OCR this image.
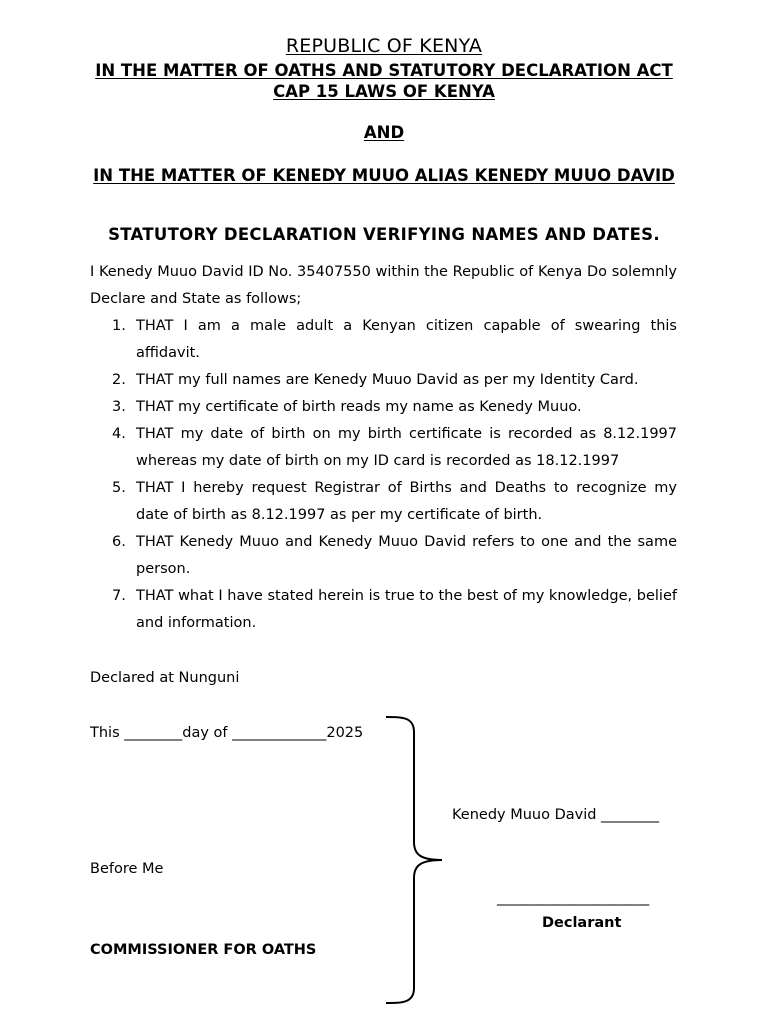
REPUBLIC OF KENYA

IN THE MATTER OF OATHS AND STATUTORY DECLARATION ACT CAP 15 LAWS OF KENYA

AND

IN THE MATTER OF KENEDY MUUO ALIAS KENEDY MUUO DAVID

STATUTORY DECLARATION VERIFYING NAMES AND DATES.

I Kenedy Muuo David ID No. 35407550 within the Republic of Kenya Do solemnly Declare and State as follows;

1. THAT I am a male adult a Kenyan citizen capable of swearing this affidavit.
2. THAT my full names are Kenedy Muuo David as per my Identity Card.
3. THAT my certificate of birth reads my name as Kenedy Muuo.
4. THAT my date of birth on my birth certificate is recorded as 8.12.1997 whereas my date of birth on my ID card is recorded as 18.12.1997
5. THAT I hereby request Registrar of Births and Deaths to recognize my date of birth as 8.12.1997 as per my certificate of birth.
6. THAT Kenedy Muuo and Kenedy Muuo David refers to one and the same person.
7. THAT what I have stated herein is true to the best of my knowledge, belief and information.

Declared at Nunguni

This ________day of _____________2025

Before Me

COMMISSIONER FOR OATHS

Kenedy Muuo David ________

_____________________

Declarant
